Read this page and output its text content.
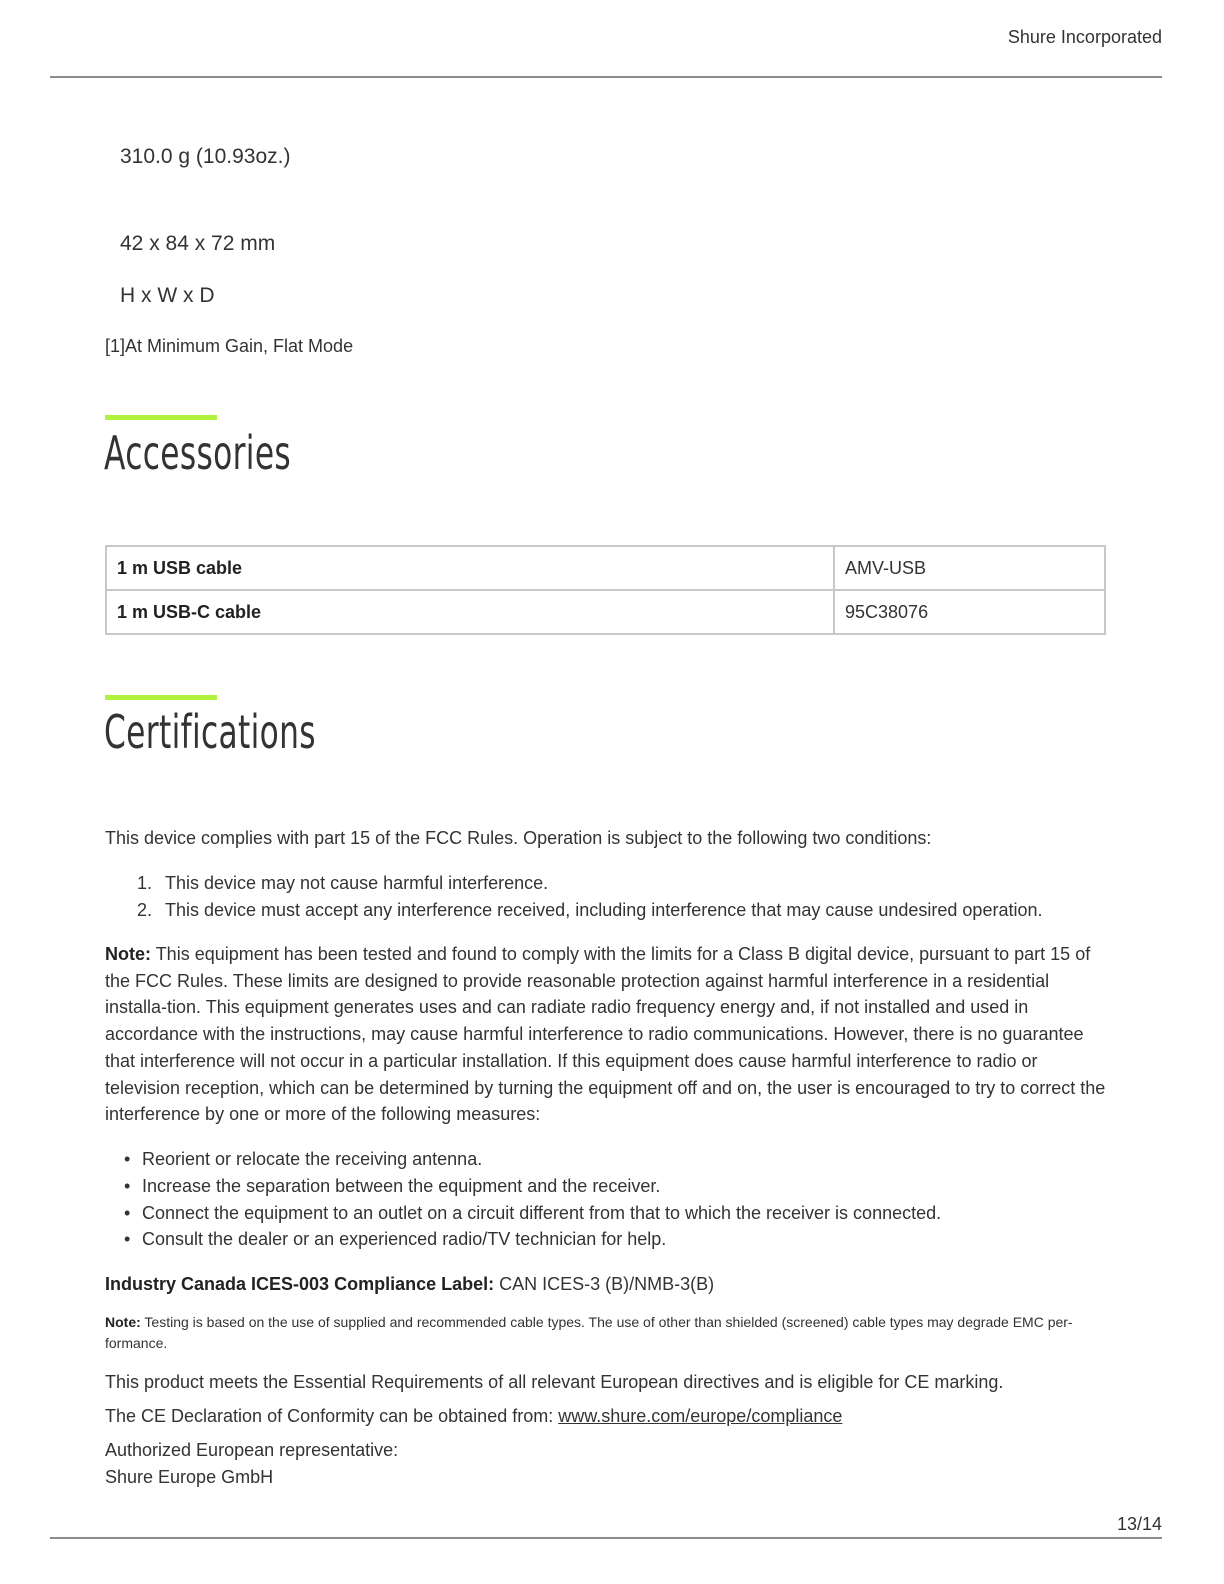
Shure Incorporated
310.0 g (10.93oz.)
42 x 84 x 72 mm
H x W x D
[1]At Minimum Gain, Flat Mode
Accessories
1 m USB cable	AMV-USB
1 m USB-C cable	95C38076
Certifications

This device complies with part 15 of the FCC Rules. Operation is subject to the following two conditions:

1. This device may not cause harmful interference.
2. This device must accept any interference received, including interference that may cause undesired operation.

Note: This equipment has been tested and found to comply with the limits for a Class B digital device, pursuant to part 15 of the FCC Rules. These limits are designed to provide reasonable protection against harmful interference in a residential installa-tion. This equipment generates uses and can radiate radio frequency energy and, if not installed and used in accordance with the instructions, may cause harmful interference to radio communications. However, there is no guarantee that interference will not occur in a particular installation. If this equipment does cause harmful interference to radio or television reception, which can be determined by turning the equipment off and on, the user is encouraged to try to correct the interference by one or more of the following measures:

• Reorient or relocate the receiving antenna.
• Increase the separation between the equipment and the receiver.
• Connect the equipment to an outlet on a circuit different from that to which the receiver is connected.
• Consult the dealer or an experienced radio/TV technician for help.

Industry Canada ICES-003 Compliance Label: CAN ICES-3 (B)/NMB-3(B)

Note: Testing is based on the use of supplied and recommended cable types. The use of other than shielded (screened) cable types may degrade EMC per-formance.

This product meets the Essential Requirements of all relevant European directives and is eligible for CE marking.

The CE Declaration of Conformity can be obtained from: www.shure.com/europe/compliance

Authorized European representative:

Shure Europe GmbH

13/14
